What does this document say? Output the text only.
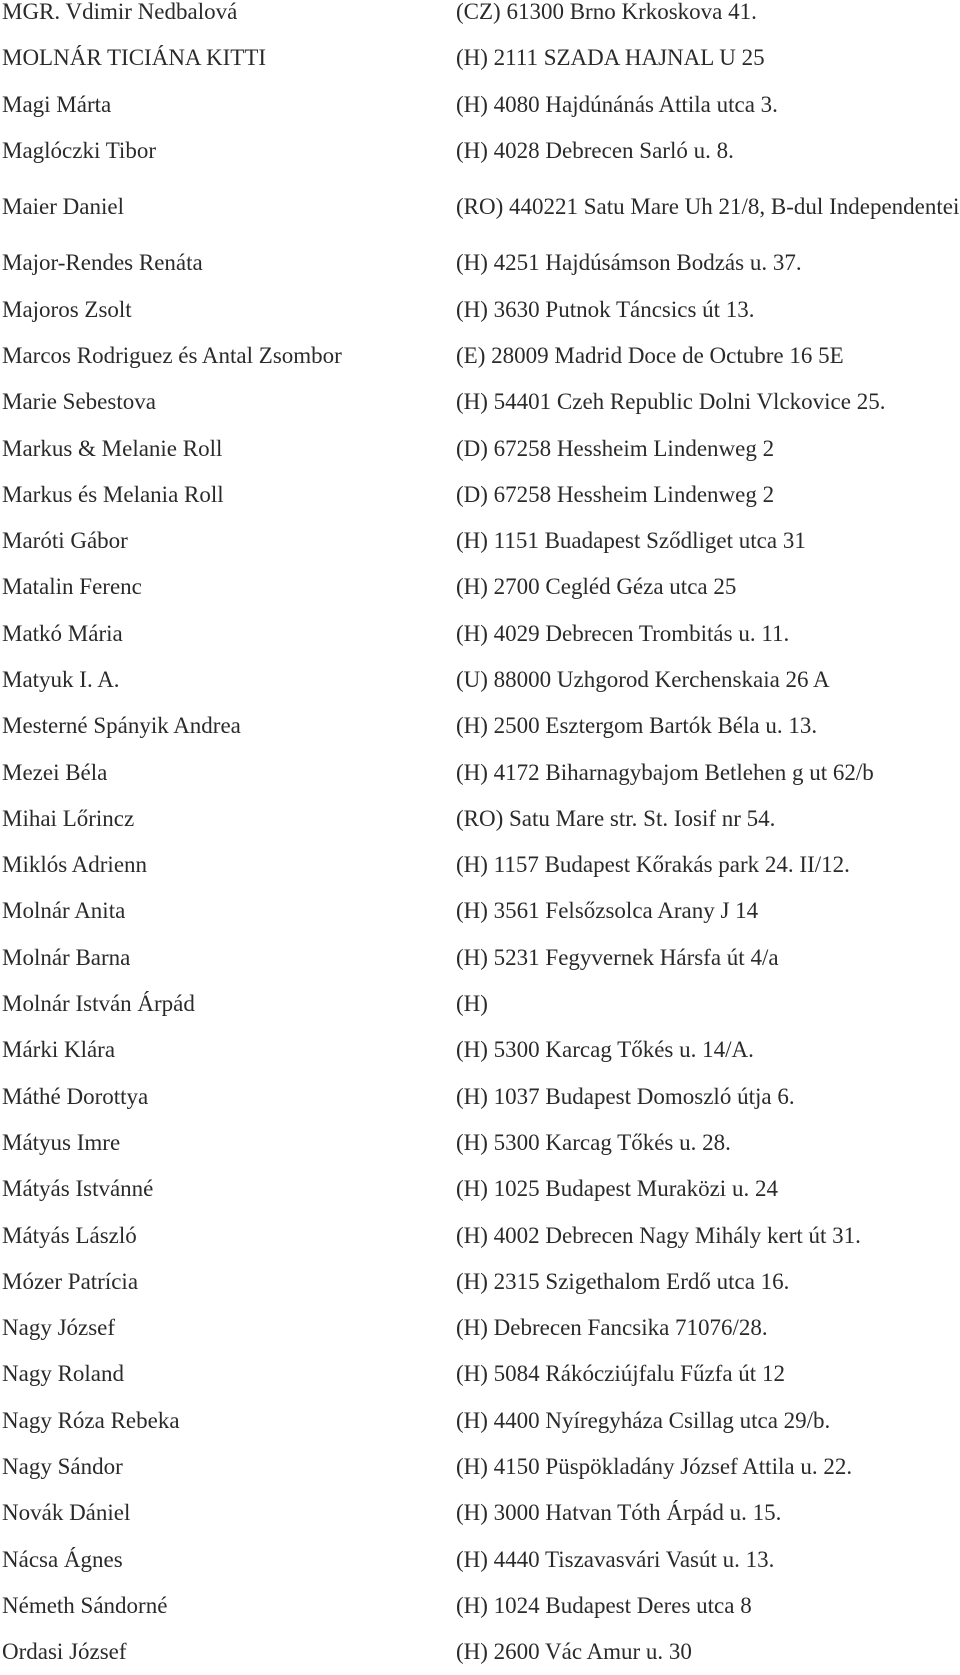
MGR. Vdimir Nedbalová	(CZ) 61300 Brno Krkoskova 41.
MOLNÁR TICIÁNA KITTI	(H) 2111 SZADA HAJNAL U 25
Magi Márta	(H) 4080 Hajdúnánás Attila utca 3.
Maglóczki Tibor	(H) 4028 Debrecen Sarló u. 8.
Maier Daniel	(RO) 440221 Satu Mare Uh 21/8, B-dul Independentei
Major-Rendes Renáta	(H) 4251 Hajdúsámson Bodzás u. 37.
Majoros Zsolt	(H) 3630 Putnok Táncsics út 13.
Marcos Rodriguez és Antal Zsombor	(E) 28009 Madrid Doce de Octubre 16 5E
Marie Sebestova	(H) 54401 Czeh Republic Dolni Vlckovice 25.
Markus & Melanie Roll	(D) 67258 Hessheim Lindenweg 2
Markus és Melania Roll	(D) 67258 Hessheim Lindenweg 2
Maróti Gábor	(H) 1151 Buadapest Sződliget utca 31
Matalin Ferenc	(H) 2700 Cegléd Géza utca 25
Matkó Mária	(H) 4029 Debrecen Trombitás u. 11.
Matyuk I. A.	(U) 88000 Uzhgorod Kerchenskaia 26 A
Mesterné Spányik Andrea	(H) 2500 Esztergom Bartók Béla u. 13.
Mezei Béla	(H) 4172 Biharnagybajom Betlehen g ut 62/b
Mihai Lőrincz	(RO) Satu Mare str. St. Iosif nr 54.
Miklós Adrienn	(H) 1157 Budapest Kőrakás park 24. II/12.
Molnár Anita	(H) 3561 Felsőzsolca Arany J 14
Molnár Barna	(H) 5231 Fegyvernek Hársfa út 4/a
Molnár István Árpád	(H)
Márki Klára	(H) 5300 Karcag Tőkés u. 14/A.
Máthé Dorottya	(H) 1037 Budapest Domoszló útja 6.
Mátyus Imre	(H) 5300 Karcag Tőkés u. 28.
Mátyás Istvánné	(H) 1025 Budapest Muraközi u. 24
Mátyás László	(H) 4002 Debrecen Nagy Mihály kert út 31.
Mózer Patrícia	(H) 2315 Szigethalom Erdő utca 16.
Nagy József	(H) Debrecen Fancsika 71076/28.
Nagy Roland	(H) 5084 Rákócziújfalu Fűzfa út 12
Nagy Róza Rebeka	(H) 4400 Nyíregyháza Csillag utca 29/b.
Nagy Sándor	(H) 4150 Püspökladány József Attila u. 22.
Novák Dániel	(H) 3000 Hatvan Tóth Árpád u. 15.
Nácsa Ágnes	(H) 4440 Tiszavasvári Vasút u. 13.
Németh Sándorné	(H) 1024 Budapest Deres utca 8
Ordasi József	(H) 2600 Vác Amur u. 30
